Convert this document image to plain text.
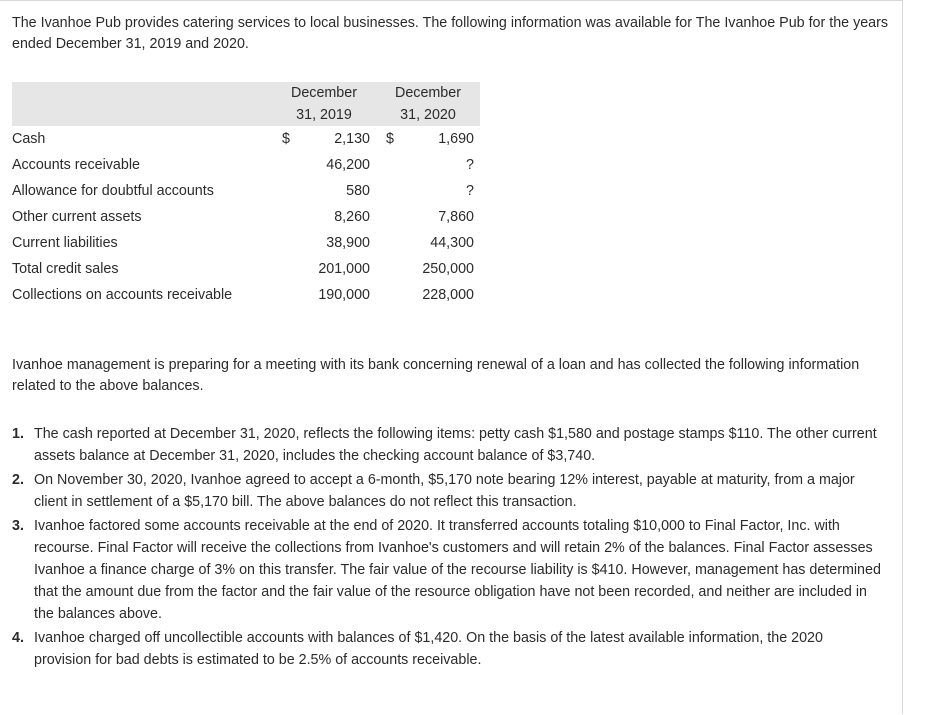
The Ivanhoe Pub provides catering services to local businesses. The following information was available for The Ivanhoe Pub for the years ended December 31, 2019 and 2020.

	December	December

	31, 2019	31, 2020

Cash	$ 2,130	$ 1,690

Accounts receivable	46,200	?

Allowance for doubtful accounts	580	?

Other current assets	8,260	7,860

Current liabilities	38,900	44,300

Total credit sales	201,000	250,000

Collections on accounts receivable	190,000	228,000

Ivanhoe management is preparing for a meeting with its bank concerning renewal of a loan and has collected the following information related to the above balances.

1. The cash reported at December 31, 2020, reflects the following items: petty cash $1,580 and postage stamps $110. The other current assets balance at December 31, 2020, includes the checking account balance of $3,740.
2. On November 30, 2020, Ivanhoe agreed to accept a 6-month, $5,170 note bearing 12% interest, payable at maturity, from a major client in settlement of a $5,170 bill. The above balances do not reflect this transaction.
3. Ivanhoe factored some accounts receivable at the end of 2020. It transferred accounts totaling $10,000 to Final Factor, Inc. with recourse. Final Factor will receive the collections from Ivanhoe's customers and will retain 2% of the balances. Final Factor assesses Ivanhoe a finance charge of 3% on this transfer. The fair value of the recourse liability is $410. However, management has determined that the amount due from the factor and the fair value of the resource obligation have not been recorded, and neither are included in the balances above.
4. Ivanhoe charged off uncollectible accounts with balances of $1,420. On the basis of the latest available information, the 2020 provision for bad debts is estimated to be 2.5% of accounts receivable.
